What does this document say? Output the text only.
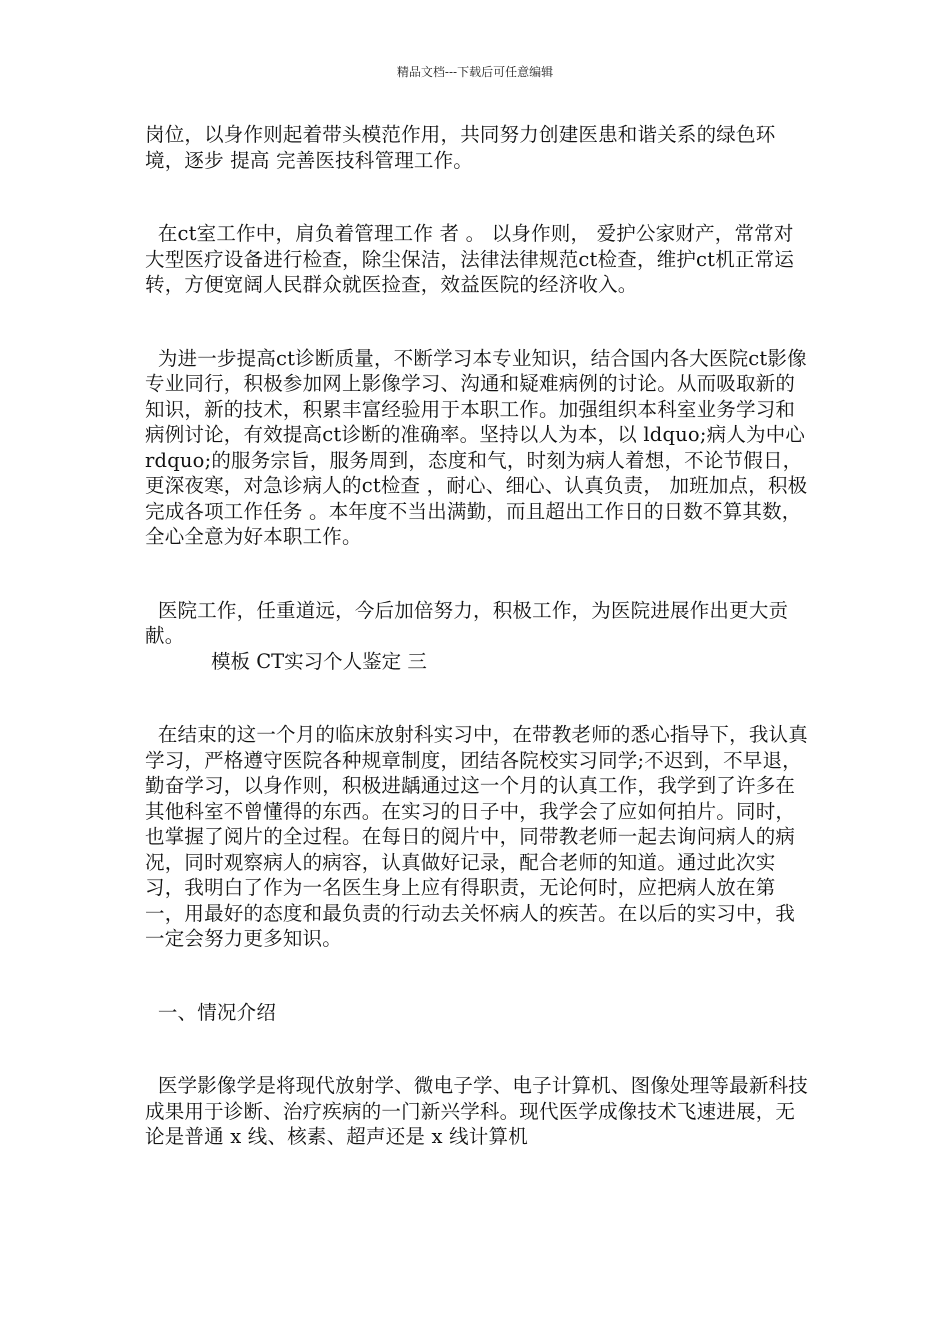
精品文档---下载后可任意编辑

岗位，以身作则起着带头模范作用，共同努力创建医患和谐关系的绿色环境，逐步 提高 完善医技科管理工作。

在ct室工作中，肩负着管理工作 者 。 以身作则， 爱护公家财产，常常对大型医疗设备进行检查，除尘保洁，法律法律规范ct检查，维护ct机正常运转，方便宽阔人民群众就医捡查，效益医院的经济收入。

为进一步提高ct诊断质量，不断学习本专业知识，结合国内各大医院ct影像专业同行，积极参加网上影像学习、沟通和疑难病例的讨论。从而吸取新的知识，新的技术，积累丰富经验用于本职工作。加强组织本科室业务学习和病例讨论，有效提高ct诊断的准确率。坚持以人为本，以 ldquo;病人为中心 rdquo;的服务宗旨，服务周到，态度和气，时刻为病人着想，不论节假日，更深夜寒，对急诊病人的ct检查 ，耐心、细心、认真负责， 加班加点，积极 完成各项工作任务 。本年度不当出满勤，而且超出工作日的日数不算其数，全心全意为好本职工作。

医院工作，任重道远，今后加倍努力，积极工作，为医院进展作出更大贡献。

模板 CT实习个人鉴定 三

在结束的这一个月的临床放射科实习中，在带教老师的悉心指导下，我认真学习，严格遵守医院各种规章制度，团结各院校实习同学;不迟到，不早退，勤奋学习，以身作则，积极进龋通过这一个月的认真工作，我学到了许多在其他科室不曾懂得的东西。在实习的日子中，我学会了应如何拍片。同时，也掌握了阅片的全过程。在每日的阅片中，同带教老师一起去询问病人的病况，同时观察病人的病容，认真做好记录，配合老师的知道。通过此次实习，我明白了作为一名医生身上应有得职责，无论何时，应把病人放在第一，用最好的态度和最负责的行动去关怀病人的疾苦。在以后的实习中，我一定会努力更多知识。

一、情况介绍

医学影像学是将现代放射学、微电子学、电子计算机、图像处理等最新科技成果用于诊断、治疗疾病的一门新兴学科。现代医学成像技术飞速进展，无论是普通 x 线、核素、超声还是 x 线计算机
